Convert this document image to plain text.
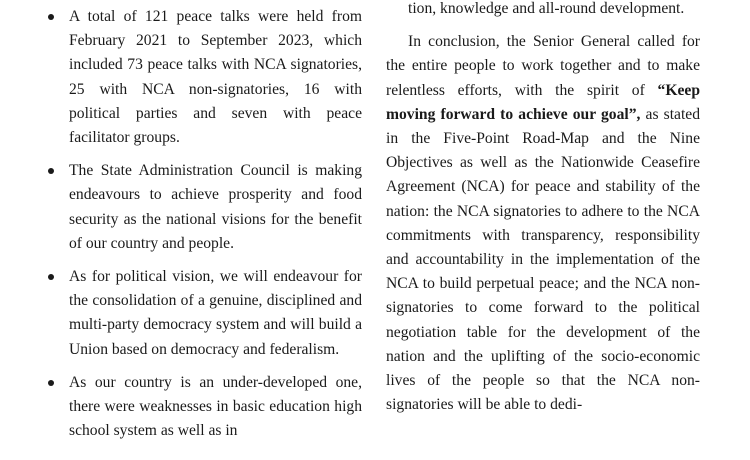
A total of 121 peace talks were held from February 2021 to September 2023, which included 73 peace talks with NCA signatories, 25 with NCA non-signatories, 16 with political parties and seven with peace facilitator groups.
The State Administration Council is making endeavours to achieve prosperity and food security as the national visions for the benefit of our country and people.
As for political vision, we will endeavour for the consolidation of a genuine, disciplined and multi-party democracy system and will build a Union based on democracy and federalism.
As our country is an under-developed one, there were weaknesses in basic education high school system as well as in

tion, knowledge and all-round development.

In conclusion, the Senior General called for the entire people to work together and to make relentless efforts, with the spirit of “Keep moving forward to achieve our goal”, as stated in the Five-Point Road-Map and the Nine Objectives as well as the Nationwide Ceasefire Agreement (NCA) for peace and stability of the nation: the NCA signatories to adhere to the NCA commitments with transparency, responsibility and accountability in the implementation of the NCA to build perpetual peace; and the NCA non-signatories to come forward to the political negotiation table for the development of the nation and the uplifting of the socio-economic lives of the people so that the NCA non-signatories will be able to dedi-
